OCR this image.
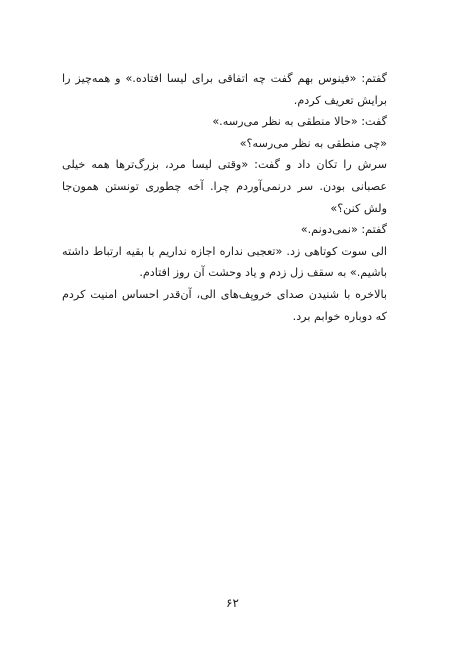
گفتم: «فینوس بهم گفت چه اتفاقی برای لیسا افتاده.» و همه‌چیز را برایش تعریف کردم.

گفت: «حالا منطقی به نظر می‌رسه.»

«چی منطقی به نظر می‌رسه؟»

سرش را تکان داد و گفت: «وقتی لیسا مرد، بزرگ‌ترها همه خیلی عصبانی بودن. سر درنمی‌آوردم چرا. آخه چطوری تونستن همون‌جا ولش کنن؟»

گفتم: «نمی‌دونم.»

الی سوت کوتاهی زد. «تعجبی نداره اجازه نداریم با بقیه ارتباط داشته باشیم.» به سقف زل زدم و یاد وحشت آن روز افتادم.

بالاخره با شنیدن صدای خروپف‌های الی، آن‌قدر احساس امنیت کردم که دوباره خوابم برد.

۶۲
